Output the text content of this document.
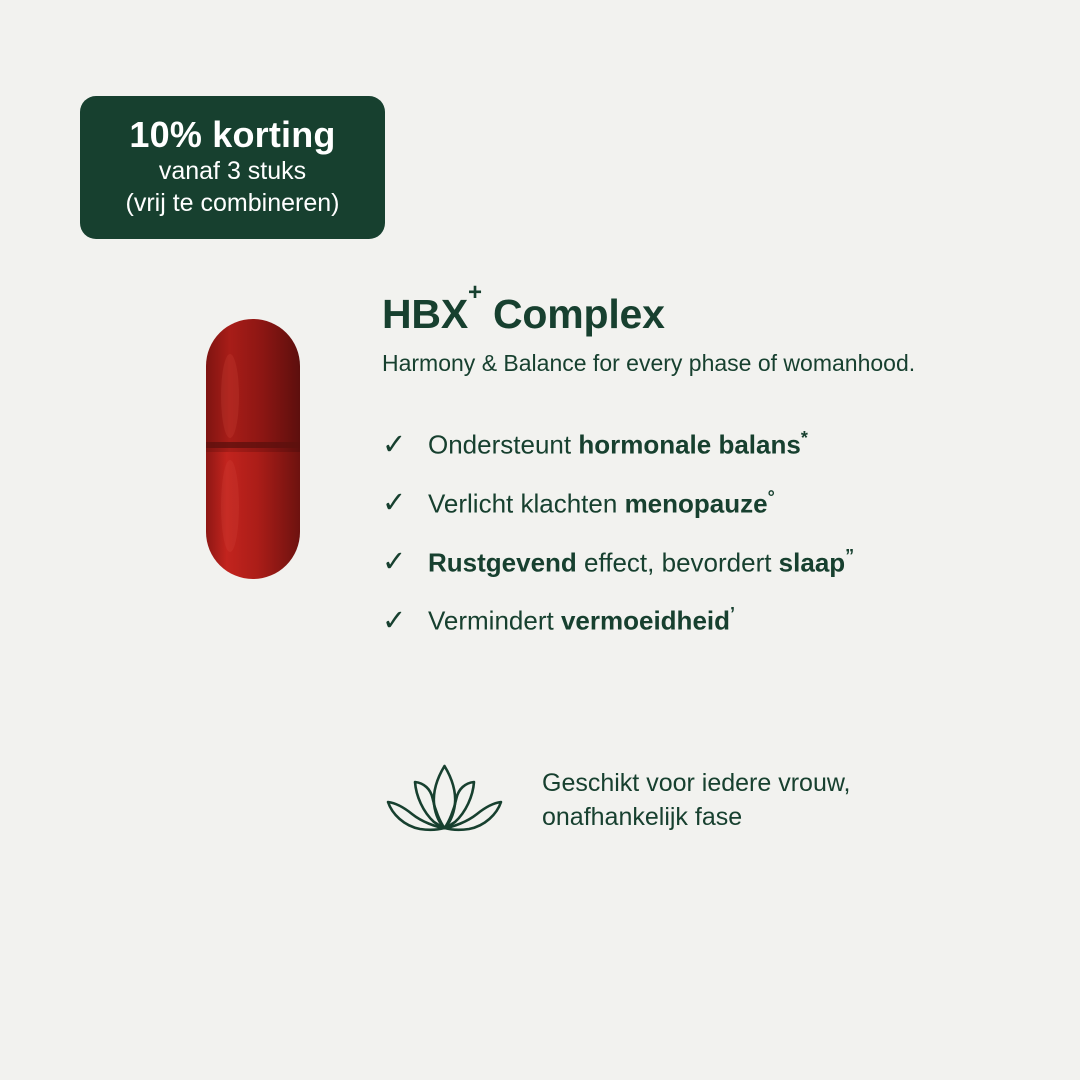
10% korting
vanaf 3 stuks
(vrij te combineren)
HBX+ Complex

Harmony & Balance for every phase of womanhood.

✓ Ondersteunt hormonale balans*
✓ Verlicht klachten menopauze°
✓ Rustgevend effect, bevordert slaap”
✓ Vermindert vermoeidheid’
Geschikt voor iedere vrouw,
onafhankelijk fase
